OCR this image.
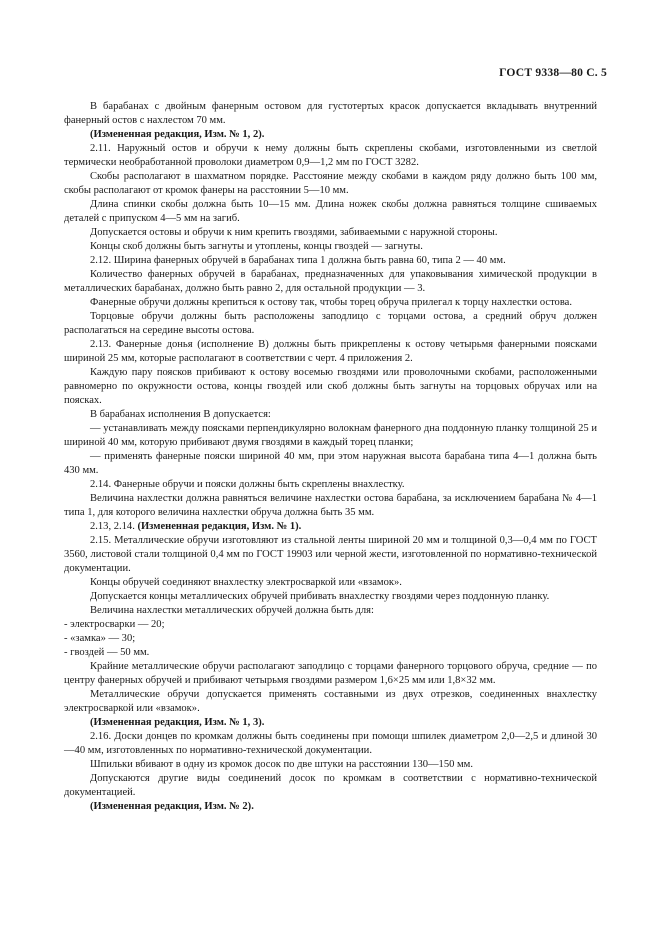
ГОСТ 9338—80 С. 5

В барабанах с двойным фанерным остовом для густотертых красок допускается вкладывать внутренний фанерный остов с нахлестом 70 мм.

(Измененная редакция, Изм. № 1, 2).

2.11. Наружный остов и обручи к нему должны быть скреплены скобами, изготовленными из светлой термически необработанной проволоки диаметром 0,9—1,2 мм по ГОСТ 3282.

Скобы располагают в шахматном порядке. Расстояние между скобами в каждом ряду должно быть 100 мм, скобы располагают от кромок фанеры на расстоянии 5—10 мм.

Длина спинки скобы должна быть 10—15 мм. Длина ножек скобы должна равняться толщине сшиваемых деталей с припуском 4—5 мм на загиб.

Допускается остовы и обручи к ним крепить гвоздями, забиваемыми с наружной стороны.

Концы скоб должны быть загнуты и утоплены, концы гвоздей — загнуты.

2.12. Ширина фанерных обручей в барабанах типа 1 должна быть равна 60, типа 2 — 40 мм.

Количество фанерных обручей в барабанах, предназначенных для упаковывания химической продукции в металлических барабанах, должно быть равно 2, для остальной продукции — 3.

Фанерные обручи должны крепиться к остову так, чтобы торец обруча прилегал к торцу нахлестки остова.

Торцовые обручи должны быть расположены заподлицо с торцами остова, а средний обруч должен располагаться на середине высоты остова.

2.13. Фанерные донья (исполнение В) должны быть прикреплены к остову четырьмя фанерными поясками шириной 25 мм, которые располагают в соответствии с черт. 4 приложения 2.

Каждую пару поясков прибивают к остову восемью гвоздями или проволочными скобами, расположенными равномерно по окружности остова, концы гвоздей или скоб должны быть загнуты на торцовых обручах или на поясках.

В барабанах исполнения В допускается:

— устанавливать между поясками перпендикулярно волокнам фанерного дна поддонную планку толщиной 25 и шириной 40 мм, которую прибивают двумя гвоздями в каждый торец планки;

— применять фанерные пояски шириной 40 мм, при этом наружная высота барабана типа 4—1 должна быть 430 мм.

2.14. Фанерные обручи и пояски должны быть скреплены внахлестку.

Величина нахлестки должна равняться величине нахлестки остова барабана, за исключением барабана № 4—1 типа 1, для которого величина нахлестки обруча должна быть 35 мм.

2.13, 2.14. (Измененная редакция, Изм. № 1).

2.15. Металлические обручи изготовляют из стальной ленты шириной 20 мм и толщиной 0,3—0,4 мм по ГОСТ 3560, листовой стали толщиной 0,4 мм по ГОСТ 19903 или черной жести, изготовленной по нормативно-технической документации.

Концы обручей соединяют внахлестку электросваркой или «взамок».

Допускается концы металлических обручей прибивать внахлестку гвоздями через поддонную планку.

Величина нахлестки металлических обручей должна быть для:

- электросварки — 20;

- «замка» — 30;

- гвоздей — 50 мм.

Крайние металлические обручи располагают заподлицо с торцами фанерного торцового обруча, средние — по центру фанерных обручей и прибивают четырьмя гвоздями размером 1,6×25 мм или 1,8×32 мм.

Металлические обручи допускается применять составными из двух отрезков, соединенных внахлестку электросваркой или «взамок».

(Измененная редакция, Изм. № 1, 3).

2.16. Доски донцев по кромкам должны быть соединены при помощи шпилек диаметром 2,0—2,5 и длиной 30—40 мм, изготовленных по нормативно-технической документации.

Шпильки вбивают в одну из кромок досок по две штуки на расстоянии 130—150 мм.

Допускаются другие виды соединений досок по кромкам в соответствии с нормативно-технической документацией.

(Измененная редакция, Изм. № 2).
